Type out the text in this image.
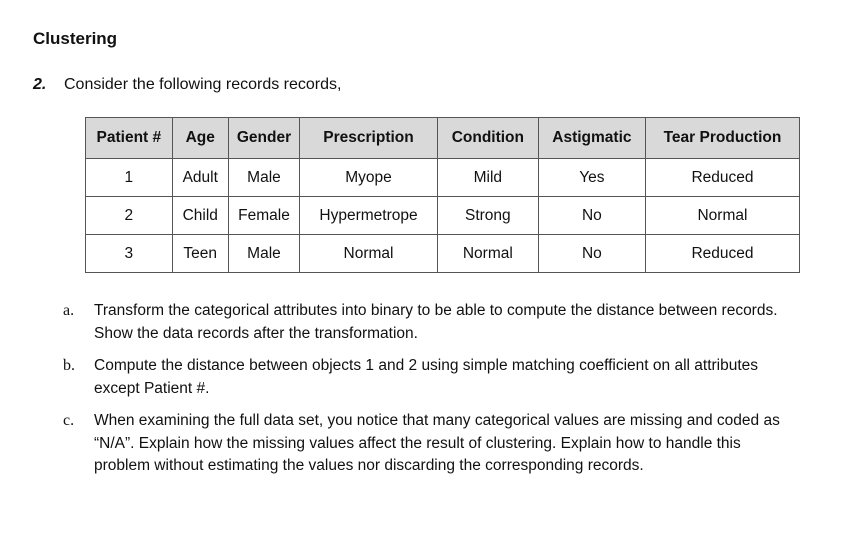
Clustering
2. Consider the following records records,
Patient #	Age	Gender	Prescription	Condition	Astigmatic	Tear Production
1	Adult	Male	Myope	Mild	Yes	Reduced
2	Child	Female	Hypermetrope	Strong	No	Normal
3	Teen	Male	Normal	Normal	No	Reduced
a.	Transform the categorical attributes into binary to be able to compute the distance between records. Show the data records after the transformation.
b.	Compute the distance between objects 1 and 2 using simple matching coefficient on all attributes except Patient #.
c.	When examining the full data set, you notice that many categorical values are missing and coded as “N/A”. Explain how the missing values affect the result of clustering. Explain how to handle this problem without estimating the values nor discarding the corresponding records.
